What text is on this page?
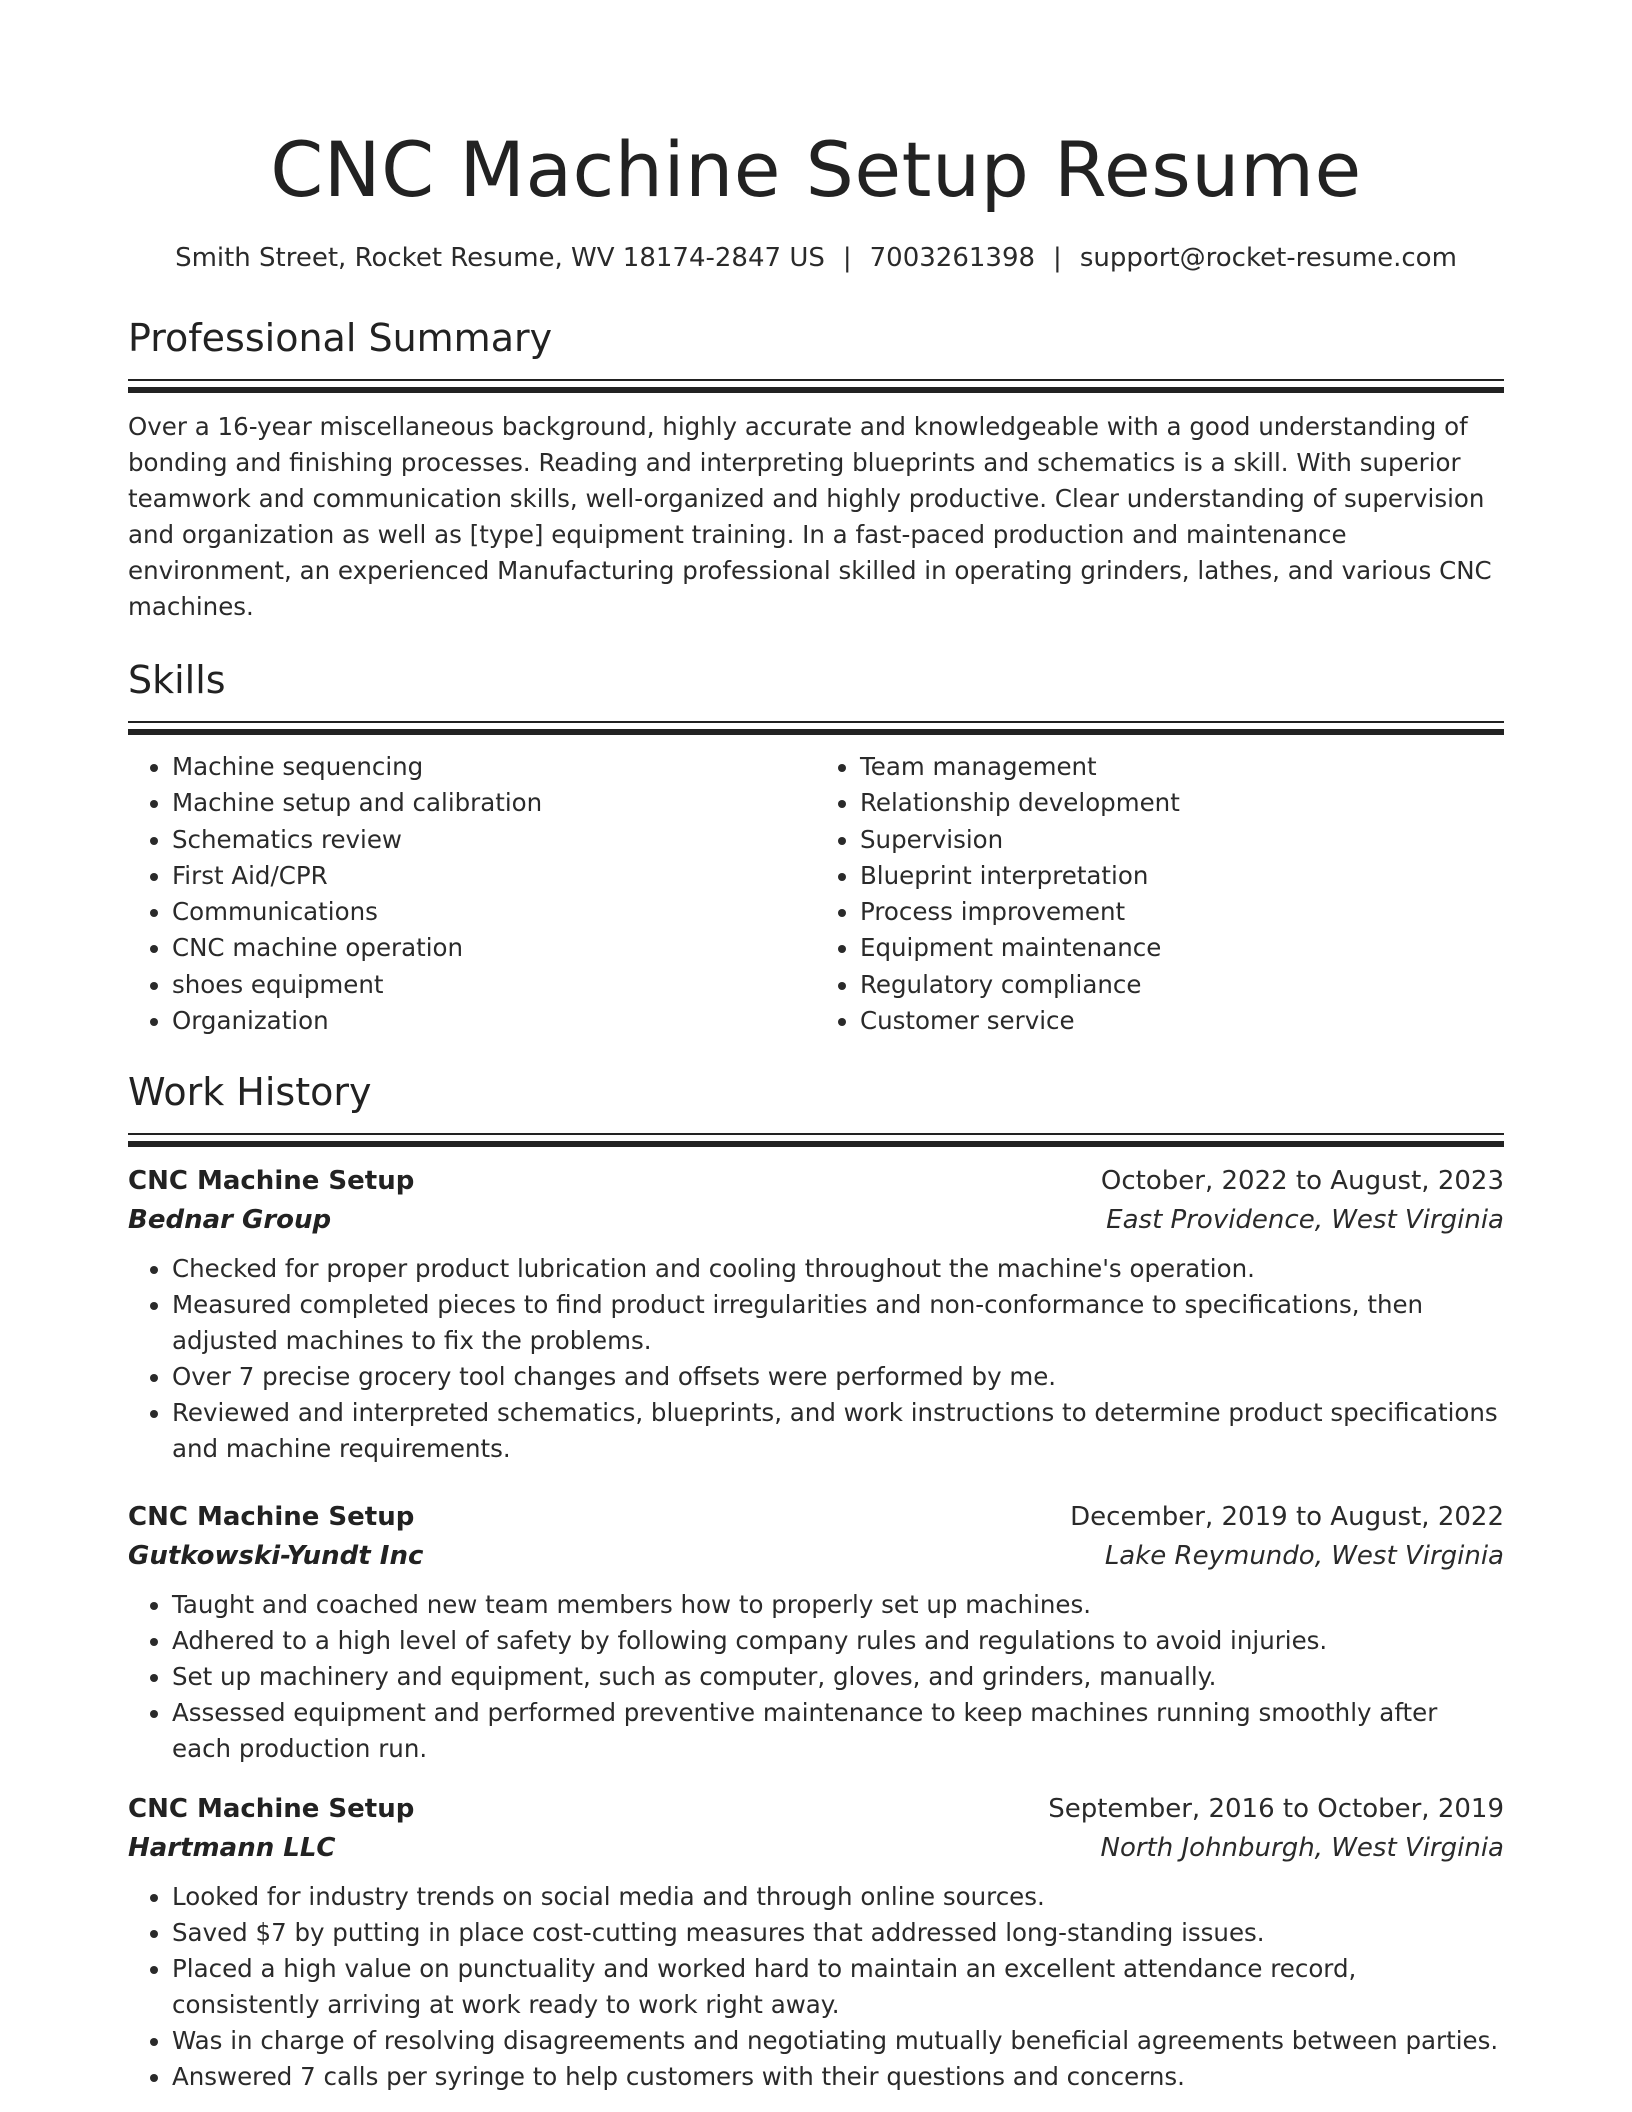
CNC Machine Setup Resume
Smith Street, Rocket Resume, WV 18174-2847 US | 7003261398 | support@rocket-resume.com
Professional Summary

Over a 16-year miscellaneous background, highly accurate and knowledgeable with a good understanding of bonding and finishing processes. Reading and interpreting blueprints and schematics is a skill. With superior teamwork and communication skills, well-organized and highly productive. Clear understanding of supervision and organization as well as [type] equipment training. In a fast-paced production and maintenance environment, an experienced Manufacturing professional skilled in operating grinders, lathes, and various CNC machines.

Skills
• Machine sequencing
• Machine setup and calibration
• Schematics review
• First Aid/CPR
• Communications
• CNC machine operation
• shoes equipment
• Organization
• Team management
• Relationship development
• Supervision
• Blueprint interpretation
• Process improvement
• Equipment maintenance
• Regulatory compliance
• Customer service
Work History
CNC Machine Setup	October, 2022 to August, 2023
Bednar Group	East Providence, West Virginia
• Checked for proper product lubrication and cooling throughout the machine's operation.
• Measured completed pieces to find product irregularities and non-conformance to specifications, then adjusted machines to fix the problems.
• Over 7 precise grocery tool changes and offsets were performed by me.
• Reviewed and interpreted schematics, blueprints, and work instructions to determine product specifications and machine requirements.
CNC Machine Setup	December, 2019 to August, 2022
Gutkowski-Yundt Inc	Lake Reymundo, West Virginia
• Taught and coached new team members how to properly set up machines.
• Adhered to a high level of safety by following company rules and regulations to avoid injuries.
• Set up machinery and equipment, such as computer, gloves, and grinders, manually.
• Assessed equipment and performed preventive maintenance to keep machines running smoothly after each production run.
CNC Machine Setup	September, 2016 to October, 2019
Hartmann LLC	North Johnburgh, West Virginia
• Looked for industry trends on social media and through online sources.
• Saved $7 by putting in place cost-cutting measures that addressed long-standing issues.
• Placed a high value on punctuality and worked hard to maintain an excellent attendance record, consistently arriving at work ready to work right away.
• Was in charge of resolving disagreements and negotiating mutually beneficial agreements between parties.
• Answered 7 calls per syringe to help customers with their questions and concerns.
